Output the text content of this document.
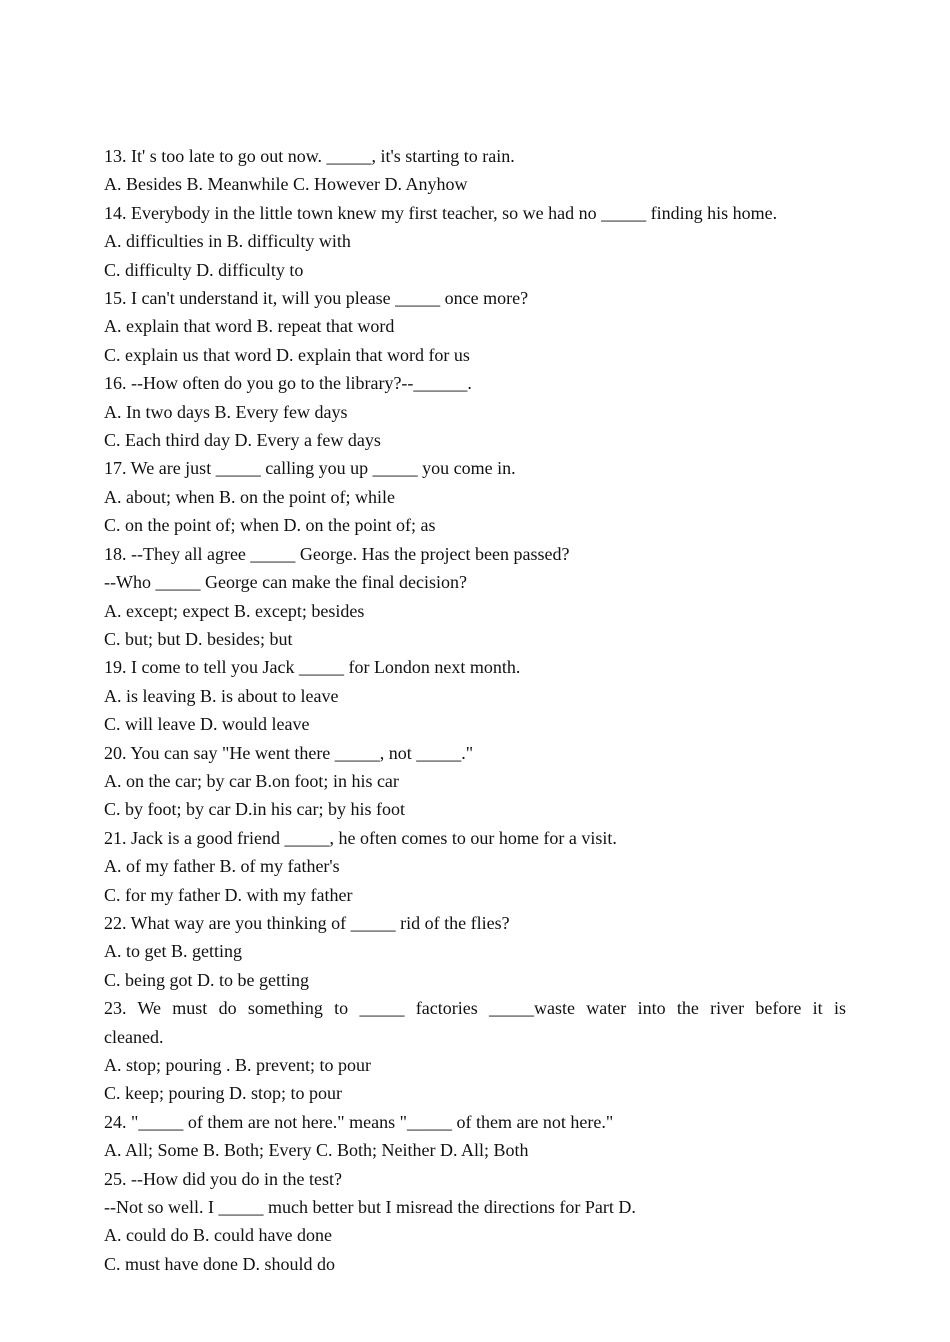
13. It' s too late to go out now. _____, it's starting to rain.

A. Besides B. Meanwhile C. However D. Anyhow

14. Everybody in the little town knew my first teacher, so we had no _____ finding his home.

A. difficulties in B. difficulty with

C. difficulty D. difficulty to

15. I can't understand it, will you please _____ once more?

A. explain that word B. repeat that word

C. explain us that word D. explain that word for us

16. --How often do you go to the library?--______.

A. In two days B. Every few days

C. Each third day D. Every a few days

17. We are just _____ calling you up _____ you come in.

A. about; when B. on the point of; while

C. on the point of; when D. on the point of; as

18. --They all agree _____ George. Has the project been passed?

--Who _____ George can make the final decision?

A. except; expect B. except; besides

C. but; but D. besides; but

19. I come to tell you Jack _____ for London next month.

A. is leaving B. is about to leave

C. will leave D. would leave

20. You can say "He went there _____, not _____."

A. on the car; by car B.on foot; in his car

C. by foot; by car D.in his car; by his foot

21. Jack is a good friend _____, he often comes to our home for a visit.

A. of my father B. of my father's

C. for my father D. with my father

22. What way are you thinking of _____ rid of the flies?

A. to get B. getting

C. being got D. to be getting

23. We must do something to _____ factories _____waste water into the river before it is

cleaned.

A. stop; pouring . B. prevent; to pour

C. keep; pouring D. stop; to pour

24. "_____ of them are not here." means "_____ of them are not here."

A. All; Some B. Both; Every C. Both; Neither D. All; Both

25. --How did you do in the test?

--Not so well. I _____ much better but I misread the directions for Part D.

A. could do B. could have done

C. must have done D. should do
